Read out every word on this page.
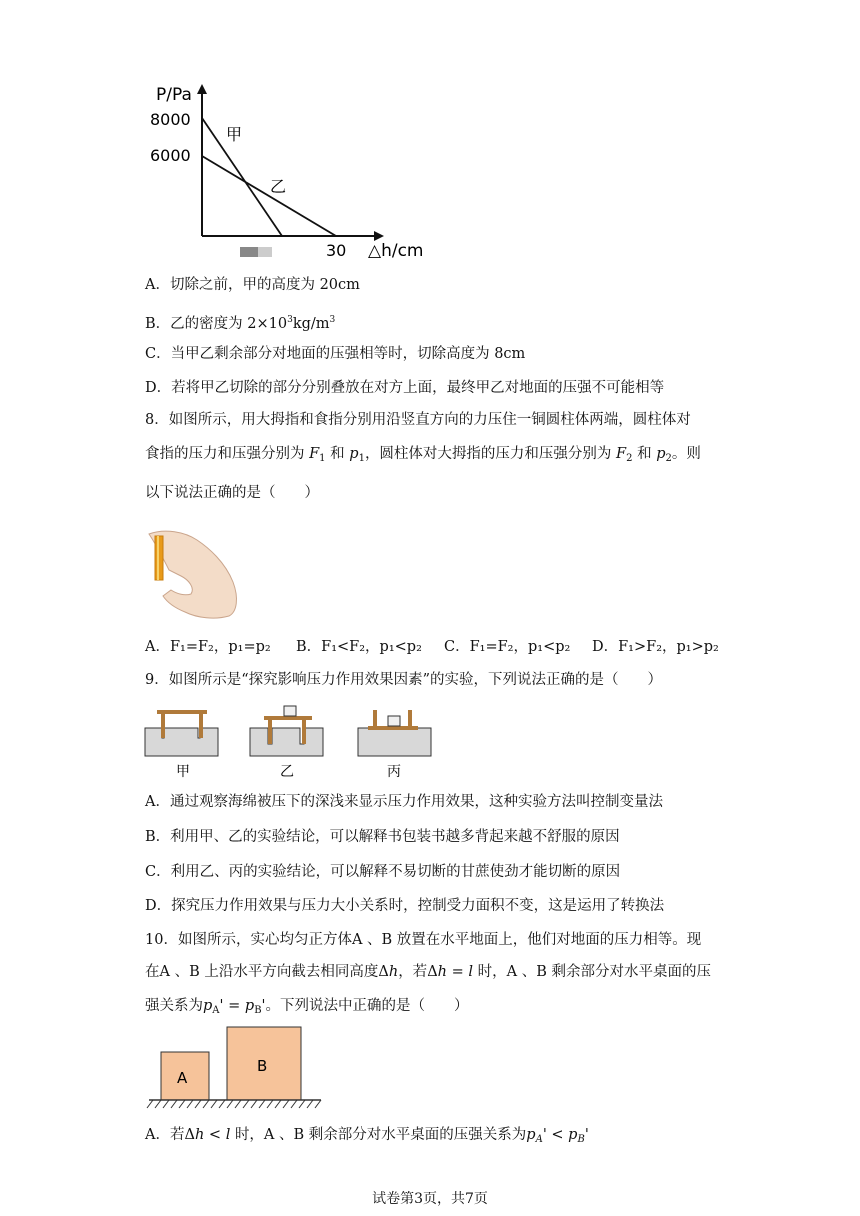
P/Pa
8000
6000
30 △h/cm
甲
乙
A．切除之前，甲的高度为 20cm
B．乙的密度为 $2\times 10^3kg/m^3$
C．当甲乙剩余部分对地面的压强相等时，切除高度为 8cm
D．若将甲乙切除的部分分别叠放在对方上面，最终甲乙对地面的压强不可能相等
8．如图所示，用大拇指和食指分别用沿竖直方向的力压住一铜圆柱体两端，圆柱体对
食指的压力和压强分别为 $F_1$ 和 $p_1$，圆柱体对大拇指的压力和压强分别为 $F_2$ 和 $p_2$。则
以下说法正确的是（　　）
A．F₁=F₂，p₁=p₂ B．F₁<F₂，p₁<p₂ C．F₁=F₂，p₁<p₂ D．F₁>F₂，p₁>p₂
9．如图所示是“探究影响压力作用效果因素”的实验，下列说法正确的是（　　）
甲	乙	丙
A．通过观察海绵被压下的深浅来显示压力作用效果，这种实验方法叫控制变量法
B．利用甲、乙的实验结论，可以解释书包装书越多背起来越不舒服的原因
C．利用乙、丙的实验结论，可以解释不易切断的甘蔗使劲才能切断的原因
D．探究压力作用效果与压力大小关系时，控制受力面积不变，这是运用了转换法
10．如图所示，实心均匀正方体A 、B 放置在水平地面上，他们对地面的压力相等。现
在A 、B 上沿水平方向截去相同高度Δh，若Δh = l 时，A 、B 剩余部分对水平桌面的压
强关系为$p_A' = p_B'$。下列说法中正确的是（　　）
A
B
A．若Δh < l 时，A 、B 剩余部分对水平桌面的压强关系为$p_A' < p_B'$
试卷第3页，共7页
